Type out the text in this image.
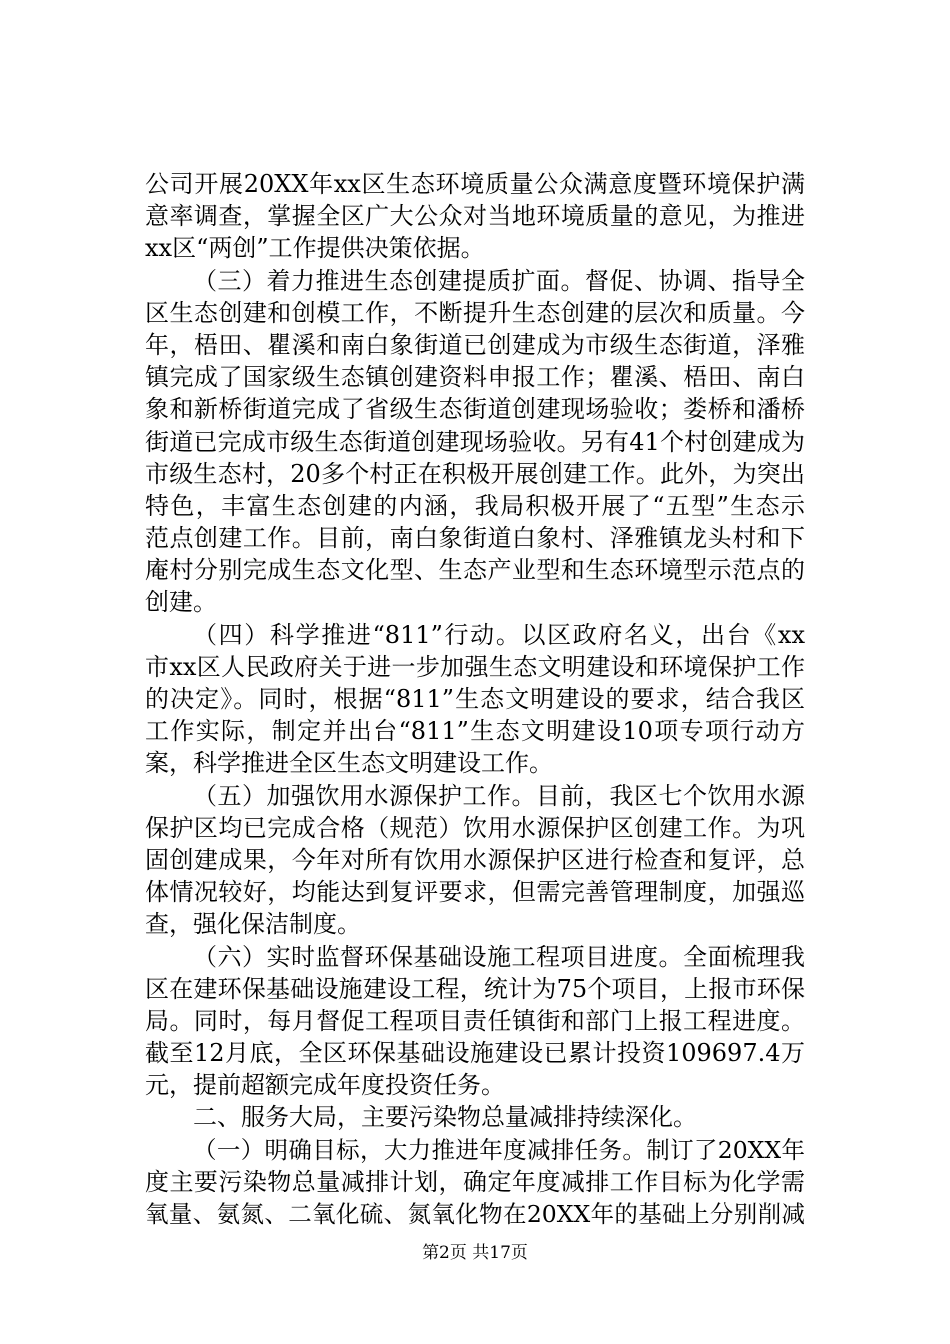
公司开展20XX年xx区生态环境质量公众满意度暨环境保护满
意率调查，掌握全区广大公众对当地环境质量的意见，为推进
xx区“两创”工作提供决策依据。
（三）着力推进生态创建提质扩面。督促、协调、指导全
区生态创建和创模工作，不断提升生态创建的层次和质量。今
年，梧田、瞿溪和南白象街道已创建成为市级生态街道，泽雅
镇完成了国家级生态镇创建资料申报工作；瞿溪、梧田、南白
象和新桥街道完成了省级生态街道创建现场验收；娄桥和潘桥
街道已完成市级生态街道创建现场验收。另有41个村创建成为
市级生态村，20多个村正在积极开展创建工作。此外，为突出
特色，丰富生态创建的内涵，我局积极开展了“五型”生态示
范点创建工作。目前，南白象街道白象村、泽雅镇龙头村和下
庵村分别完成生态文化型、生态产业型和生态环境型示范点的
创建。
（四）科学推进“811”行动。以区政府名义，出台《xx
市xx区人民政府关于进一步加强生态文明建设和环境保护工作
的决定》。同时，根据“811”生态文明建设的要求，结合我区
工作实际，制定并出台“811”生态文明建设10项专项行动方
案，科学推进全区生态文明建设工作。
（五）加强饮用水源保护工作。目前，我区七个饮用水源
保护区均已完成合格（规范）饮用水源保护区创建工作。为巩
固创建成果，今年对所有饮用水源保护区进行检查和复评，总
体情况较好，均能达到复评要求，但需完善管理制度，加强巡
查，强化保洁制度。
（六）实时监督环保基础设施工程项目进度。全面梳理我
区在建环保基础设施建设工程，统计为75个项目，上报市环保
局。同时，每月督促工程项目责任镇街和部门上报工程进度。
截至12月底，全区环保基础设施建设已累计投资109697.4万
元，提前超额完成年度投资任务。
二、服务大局，主要污染物总量减排持续深化。
（一）明确目标，大力推进年度减排任务。制订了20XX年
度主要污染物总量减排计划，确定年度减排工作目标为化学需
氧量、氨氮、二氧化硫、氮氧化物在20XX年的基础上分别削减
第2页 共17页
